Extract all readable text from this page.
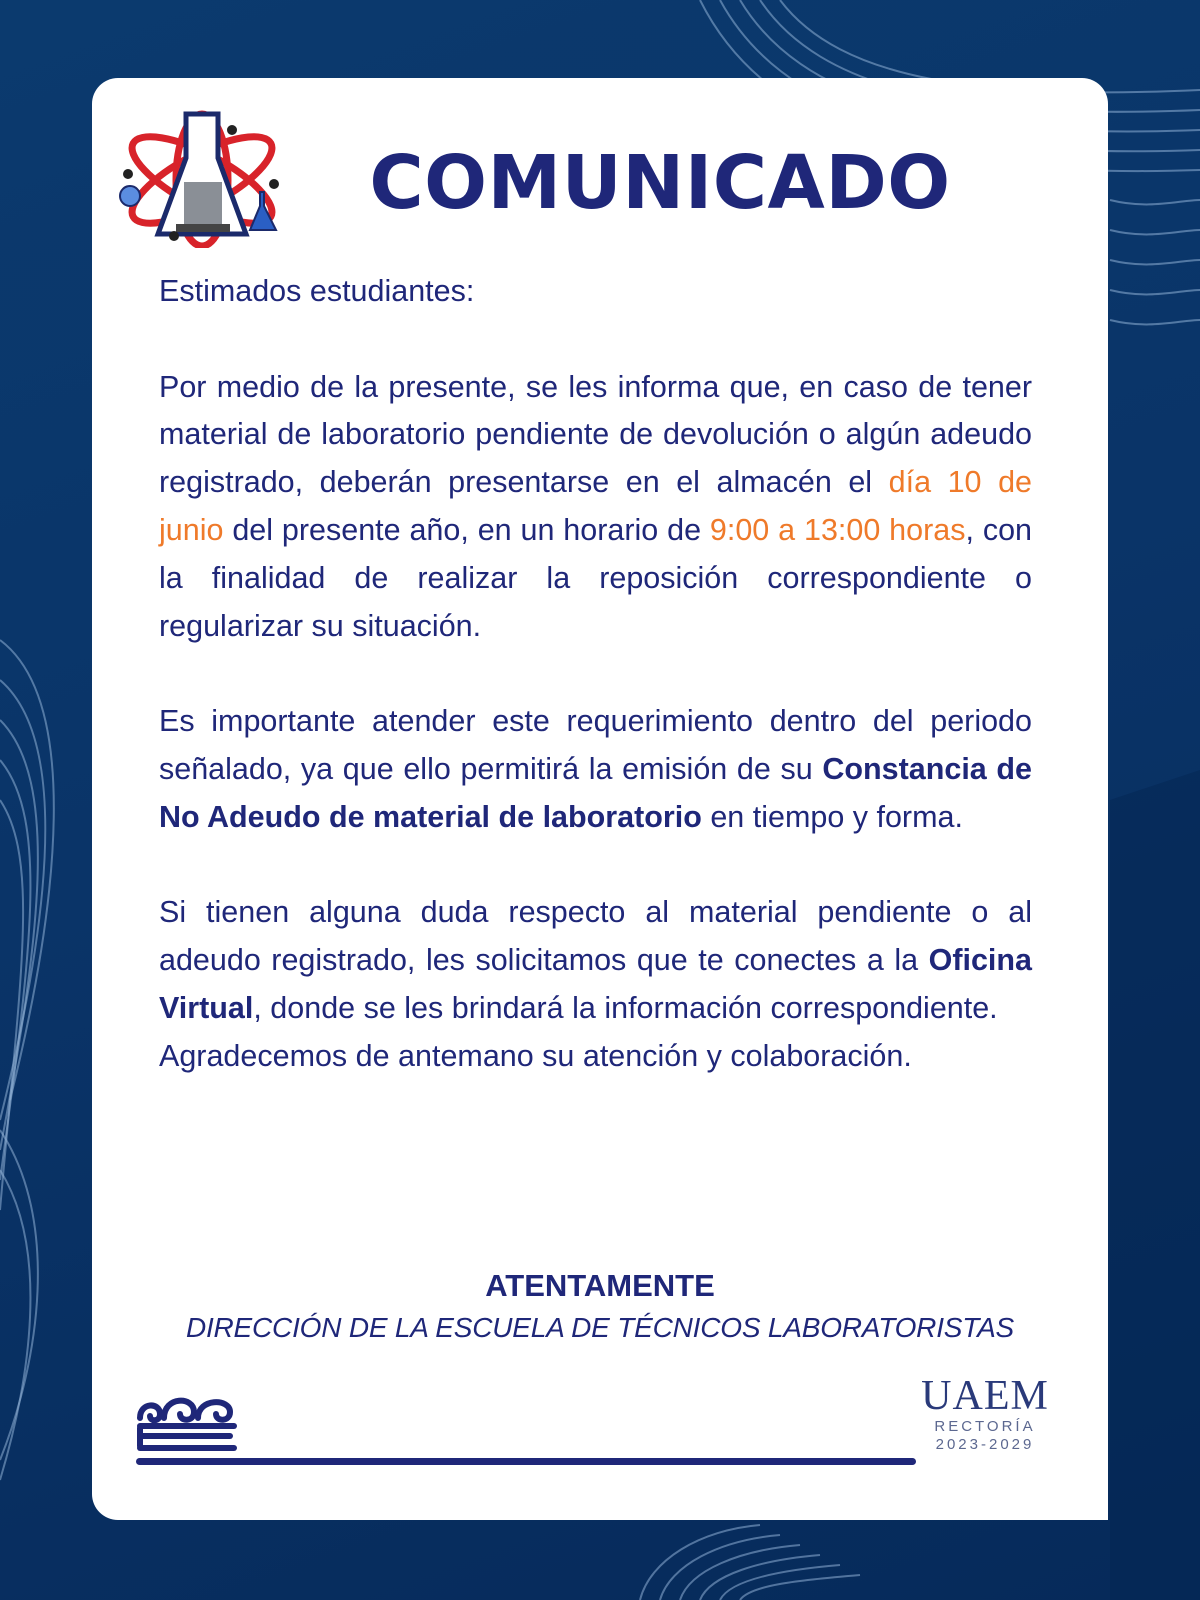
COMUNICADO

Estimados estudiantes:

Por medio de la presente, se les informa que, en caso de tener material de laboratorio pendiente de devolución o algún adeudo registrado, deberán presentarse en el almacén el día 10 de junio del presente año, en un horario de 9:00 a 13:00 horas, con la finalidad de realizar la reposición correspondiente o regularizar su situación.

Es importante atender este requerimiento dentro del periodo señalado, ya que ello permitirá la emisión de su Constancia de No Adeudo de material de laboratorio en tiempo y forma.

Si tienen alguna duda respecto al material pendiente o al adeudo registrado, les solicitamos que te conectes a la Oficina Virtual, donde se les brindará la información correspondiente.

Agradecemos de antemano su atención y colaboración.

ATENTAMENTE
DIRECCIÓN DE LA ESCUELA DE TÉCNICOS LABORATORISTAS
UAEM
RECTORÍA
2023-2029
